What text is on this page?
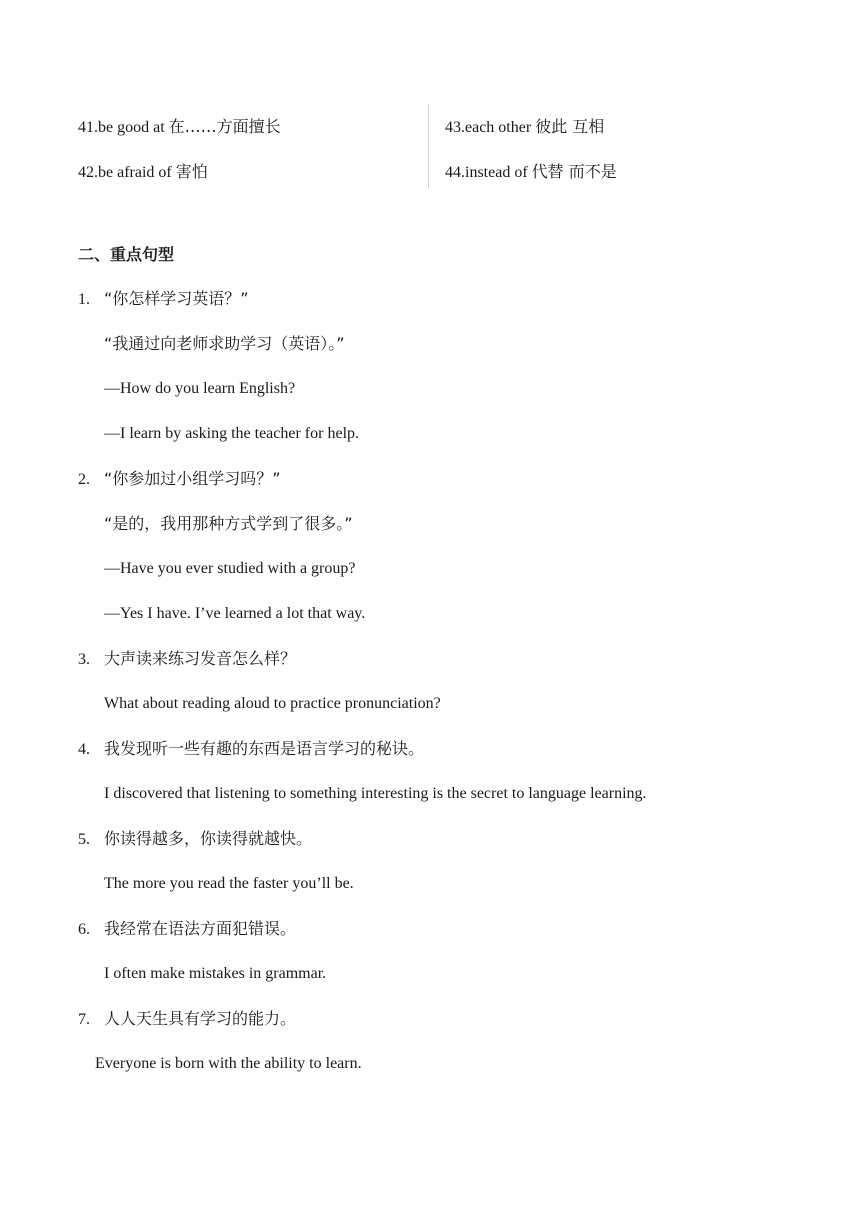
41.be good at 在……方面擅长
42.be afraid of 害怕
43.each other 彼此 互相
44.instead of 代替 而不是
二、重点句型
1. “你怎样学习英语？”
“我通过向老师求助学习（英语）。”
—How do you learn English?
—I learn by asking the teacher for help.
2. “你参加过小组学习吗？”
“是的，我用那种方式学到了很多。”
—Have you ever studied with a group?
—Yes I have. I’ve learned a lot that way.
3. 大声读来练习发音怎么样？
What about reading aloud to practice pronunciation?
4. 我发现听一些有趣的东西是语言学习的秘诀。
I discovered that listening to something interesting is the secret to language learning.
5. 你读得越多，你读得就越快。
The more you read the faster you’ll be.
6. 我经常在语法方面犯错误。
I often make mistakes in grammar.
7. 人人天生具有学习的能力。
Everyone is born with the ability to learn.
